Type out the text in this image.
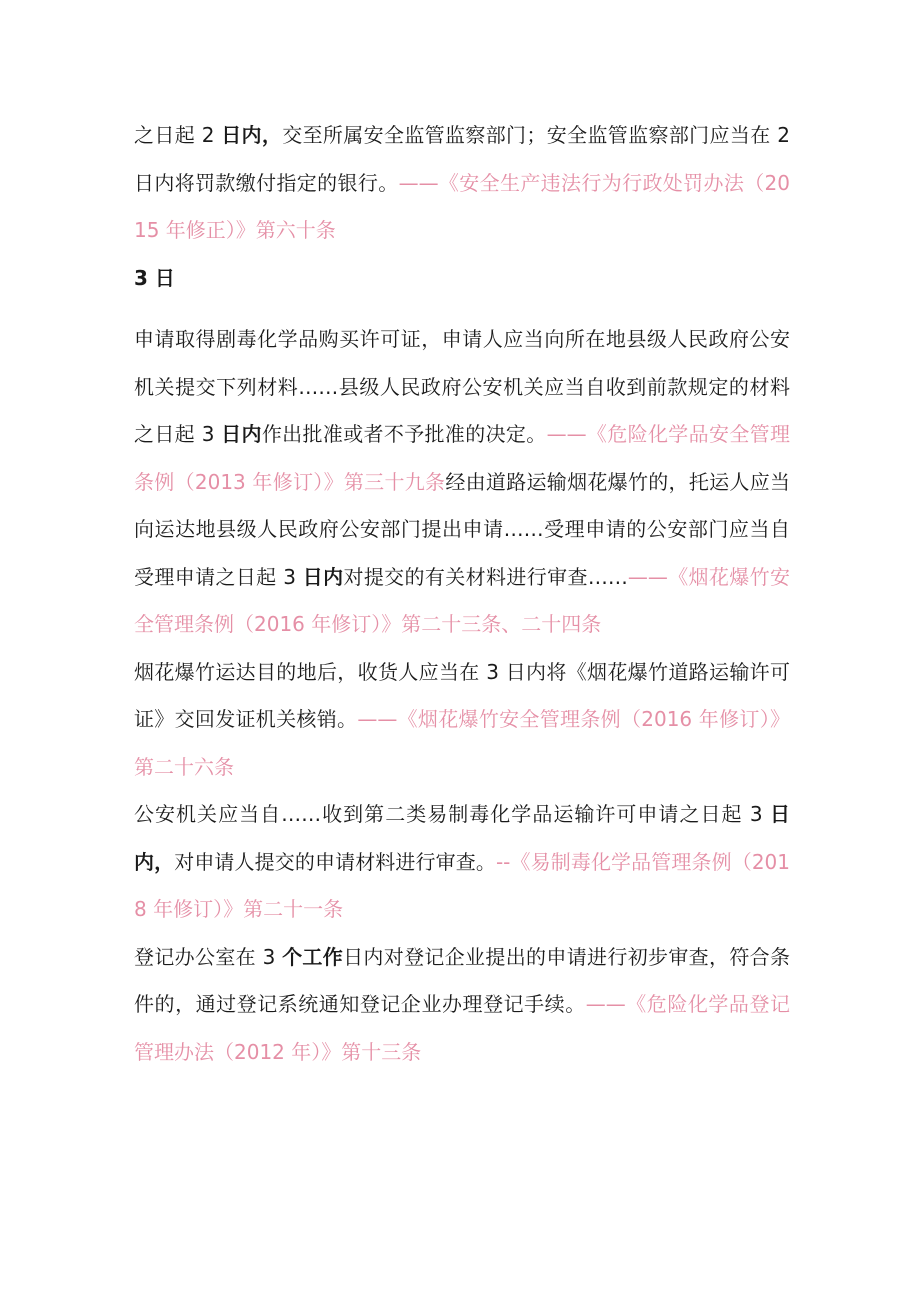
之日起 2 日内，交至所属安全监管监察部门；安全监管监察部门应当在 2 日内将罚款缴付指定的银行。——《安全生产违法行为行政处罚办法（2015 年修正）》第六十条

3 日

申请取得剧毒化学品购买许可证，申请人应当向所在地县级人民政府公安机关提交下列材料……县级人民政府公安机关应当自收到前款规定的材料之日起 3 日内作出批准或者不予批准的决定。——《危险化学品安全管理条例（2013 年修订）》第三十九条经由道路运输烟花爆竹的，托运人应当向运达地县级人民政府公安部门提出申请……受理申请的公安部门应当自受理申请之日起 3 日内对提交的有关材料进行审查……——《烟花爆竹安全管理条例（2016 年修订）》第二十三条、二十四条

烟花爆竹运达目的地后，收货人应当在 3 日内将《烟花爆竹道路运输许可证》交回发证机关核销。——《烟花爆竹安全管理条例（2016 年修订）》第二十六条

公安机关应当自……收到第二类易制毒化学品运输许可申请之日起 3 日内，对申请人提交的申请材料进行审查。--《易制毒化学品管理条例（2018 年修订）》第二十一条

登记办公室在 3 个工作日内对登记企业提出的申请进行初步审查，符合条件的，通过登记系统通知登记企业办理登记手续。——《危险化学品登记管理办法（2012 年）》第十三条
